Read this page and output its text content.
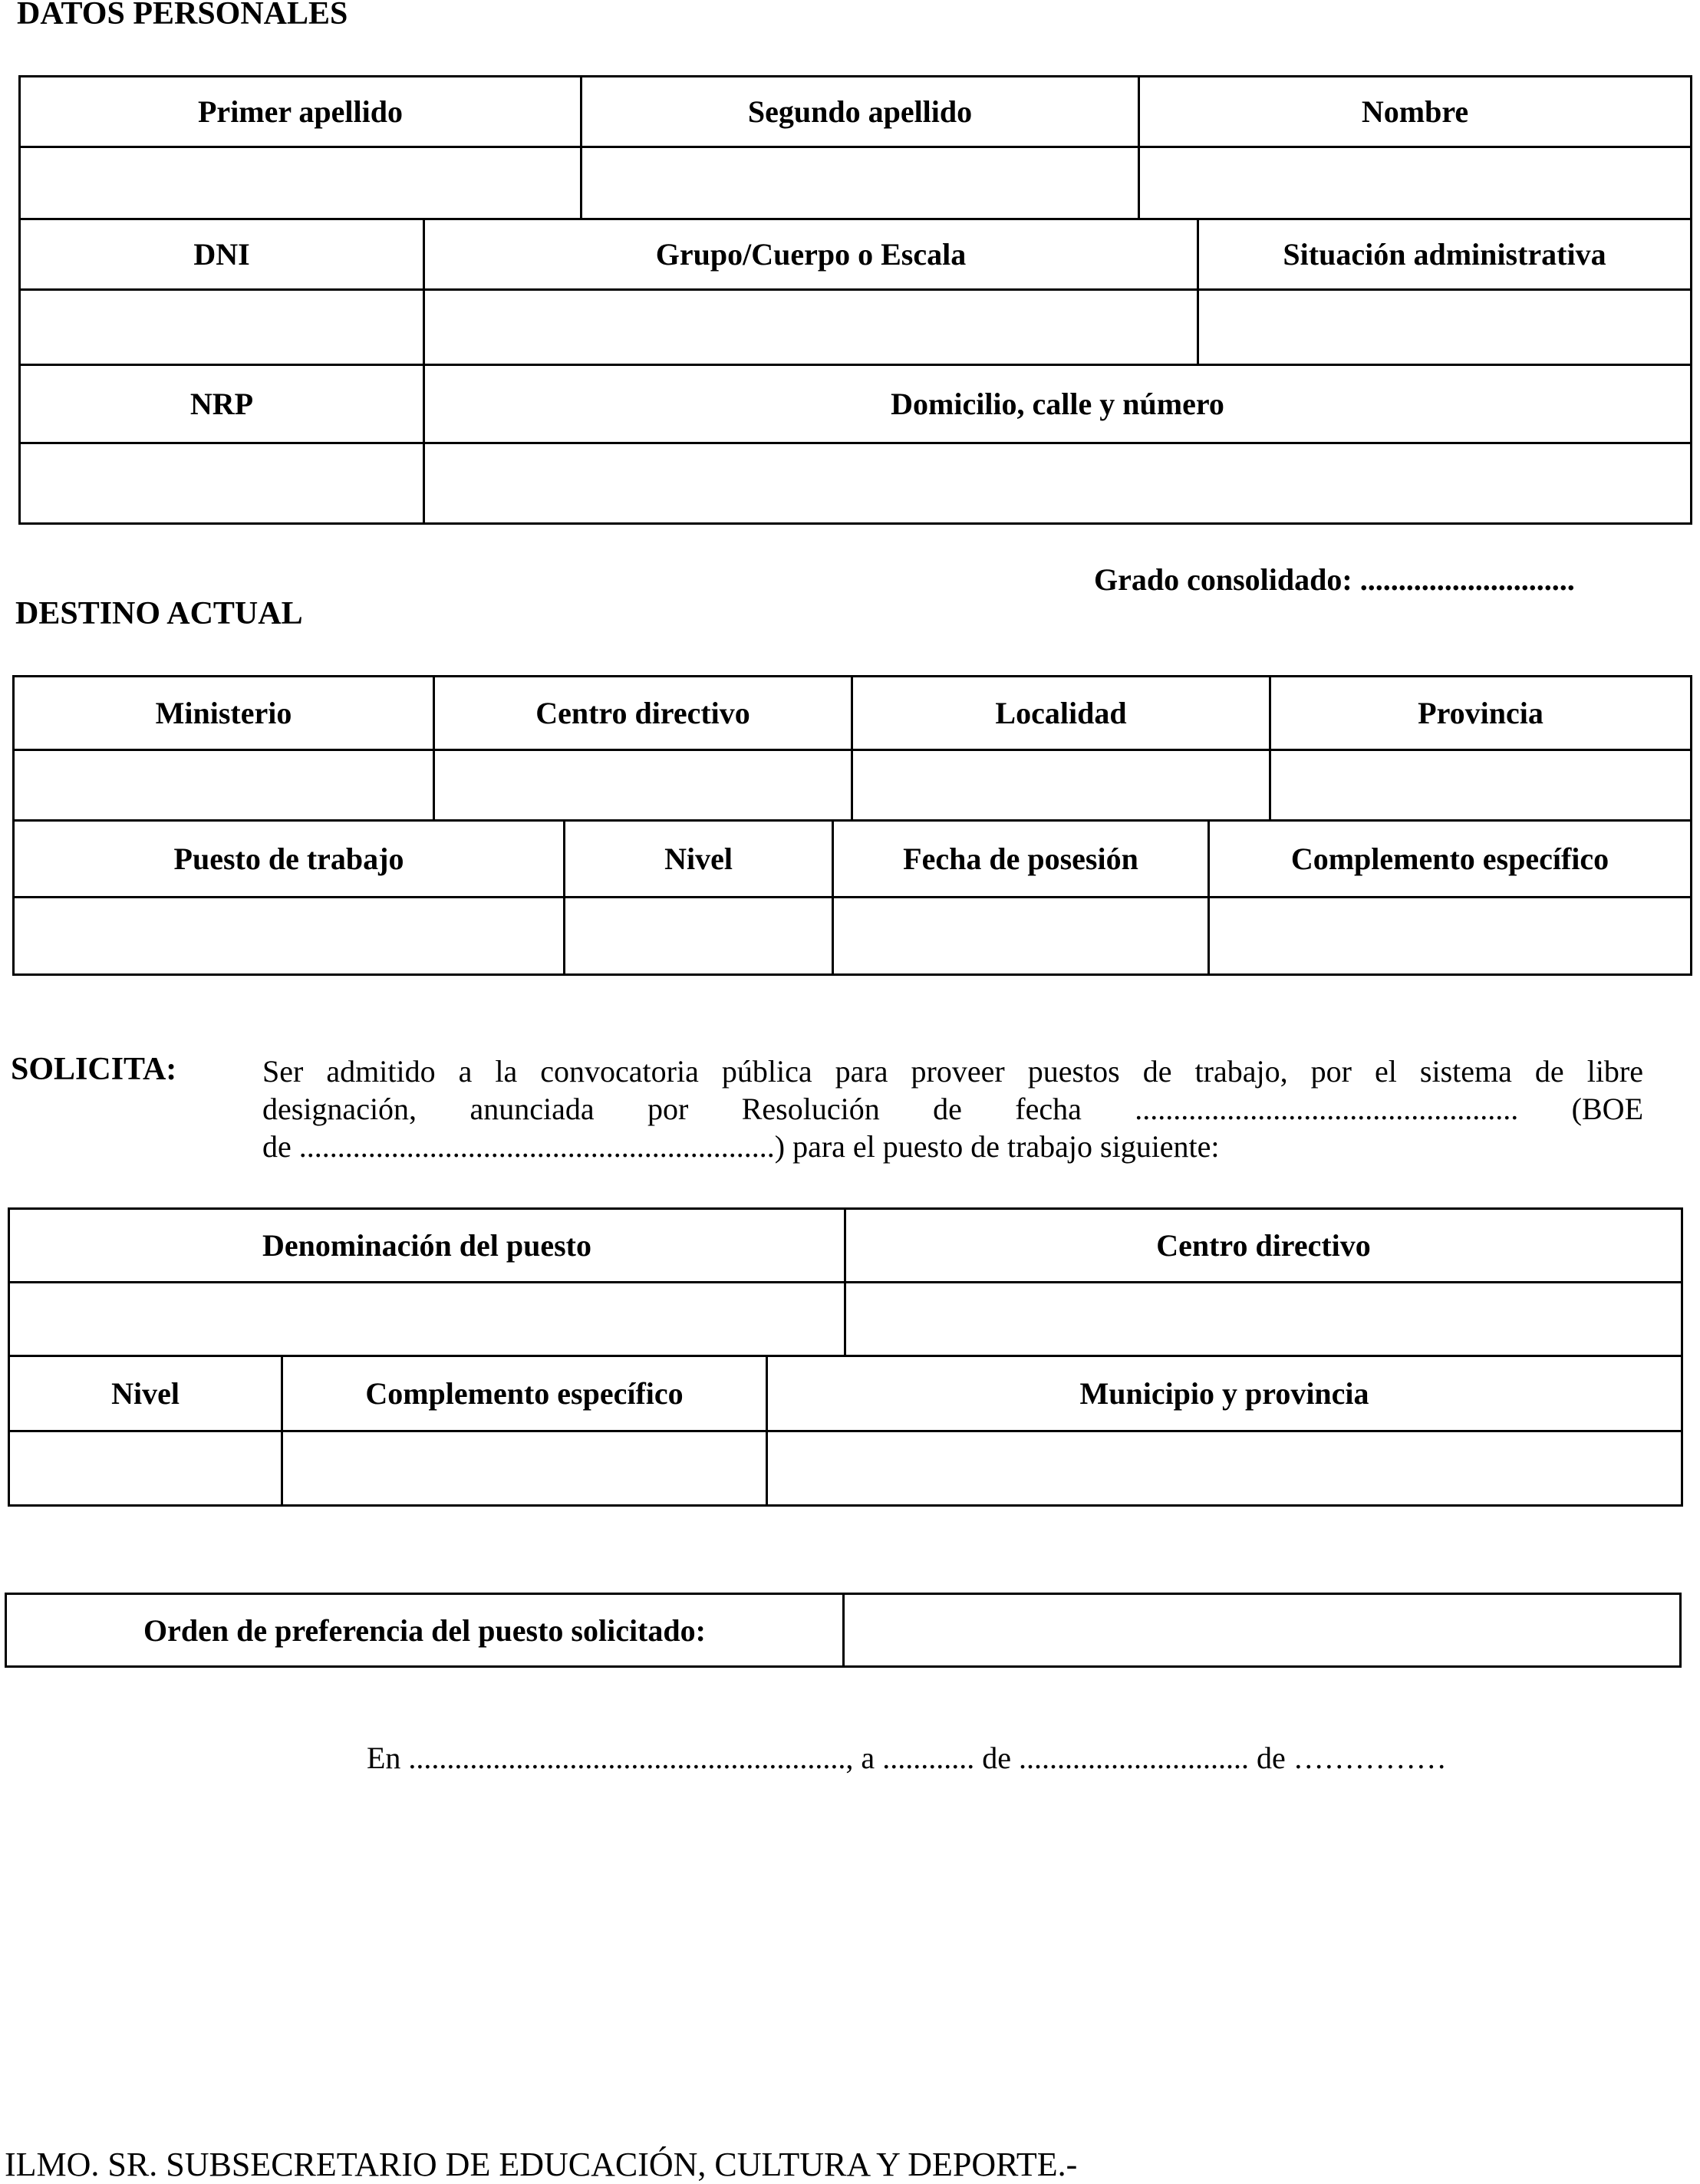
DATOS PERSONALES
Primer apellido	Segundo apellido	Nombre
DNI	Grupo/Cuerpo o Escala	Situación administrativa
NRP	Domicilio, calle y número
Grado consolidado: ............................
DESTINO ACTUAL
Ministerio	Centro directivo	Localidad	Provincia
Puesto de trabajo	Nivel	Fecha de posesión	Complemento específico
SOLICITA:	Ser admitido a la convocatoria pública para proveer puestos de trabajo, por el sistema de libre
designación, anunciada por Resolución de fecha .................................................. (BOE
de ..............................................................) para el puesto de trabajo siguiente:
Denominación del puesto	Centro directivo
Nivel	Complemento específico	Municipio y provincia
Orden de preferencia del puesto solicitado:
En ........................................................., a ............ de .............................. de ……………
ILMO. SR. SUBSECRETARIO DE EDUCACIÓN, CULTURA Y DEPORTE.-
